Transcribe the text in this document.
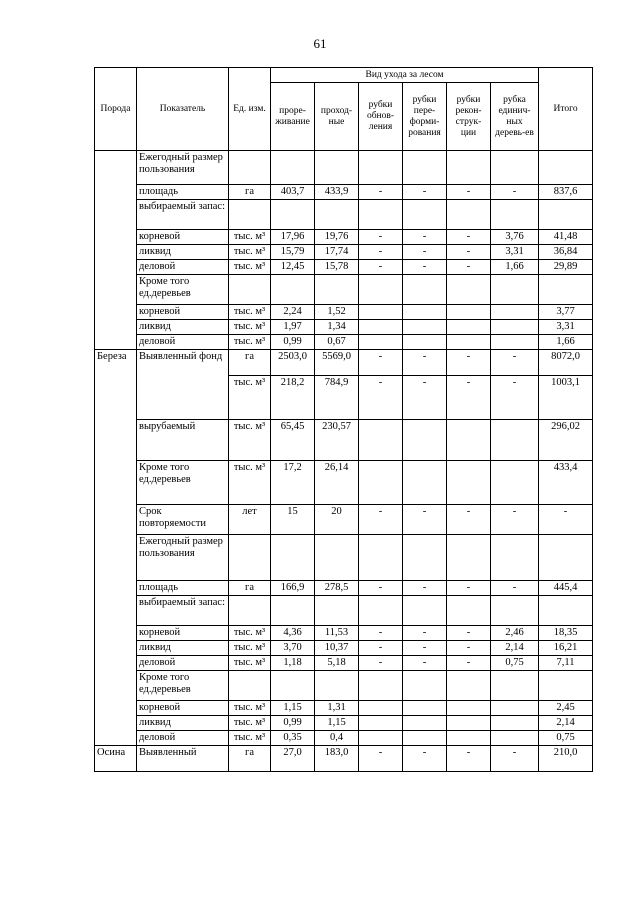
61
Порода	Показатель	Ед. изм.	Вид ухода за лесом						Итого
			проре-живание	проход-ные	рубки обнов-ления	рубки пере-форми-рования	рубки рекон-струк-ции	рубка единич-ных деревь-ев	
	Ежегодный размер пользования								
	площадь	га	403,7	433,9	-	-	-	-	837,6
	выбираемый запас:								
	корневой	тыс. м³	17,96	19,76	-	-	-	3,76	41,48
	ликвид	тыс. м³	15,79	17,74	-	-	-	3,31	36,84
	деловой	тыс. м³	12,45	15,78	-	-	-	1,66	29,89
	Кроме того ед.деревьев								
	корневой	тыс. м³	2,24	1,52					3,77
	ликвид	тыс. м³	1,97	1,34					3,31
	деловой	тыс. м³	0,99	0,67					1,66
Береза	Выявленный фонд	га	2503,0	5569,0	-	-	-	-	8072,0
		тыс. м³	218,2	784,9	-	-	-	-	1003,1
	вырубаемый	тыс. м³	65,45	230,57					296,02
	Кроме того ед.деревьев	тыс. м³	17,2	26,14					433,4
	Срок повторяемости	лет	15	20	-	-	-	-	-
	Ежегодный размер пользования								
	площадь	га	166,9	278,5	-	-	-	-	445,4
	выбираемый запас:								
	корневой	тыс. м³	4,36	11,53	-	-	-	2,46	18,35
	ликвид	тыс. м³	3,70	10,37	-	-	-	2,14	16,21
	деловой	тыс. м³	1,18	5,18	-	-	-	0,75	7,11
	Кроме того ед.деревьев								
	корневой	тыс. м³	1,15	1,31					2,45
	ликвид	тыс. м³	0,99	1,15					2,14
	деловой	тыс. м³	0,35	0,4					0,75
Осина	Выявленный	га	27,0	183,0	-	-	-	-	210,0
